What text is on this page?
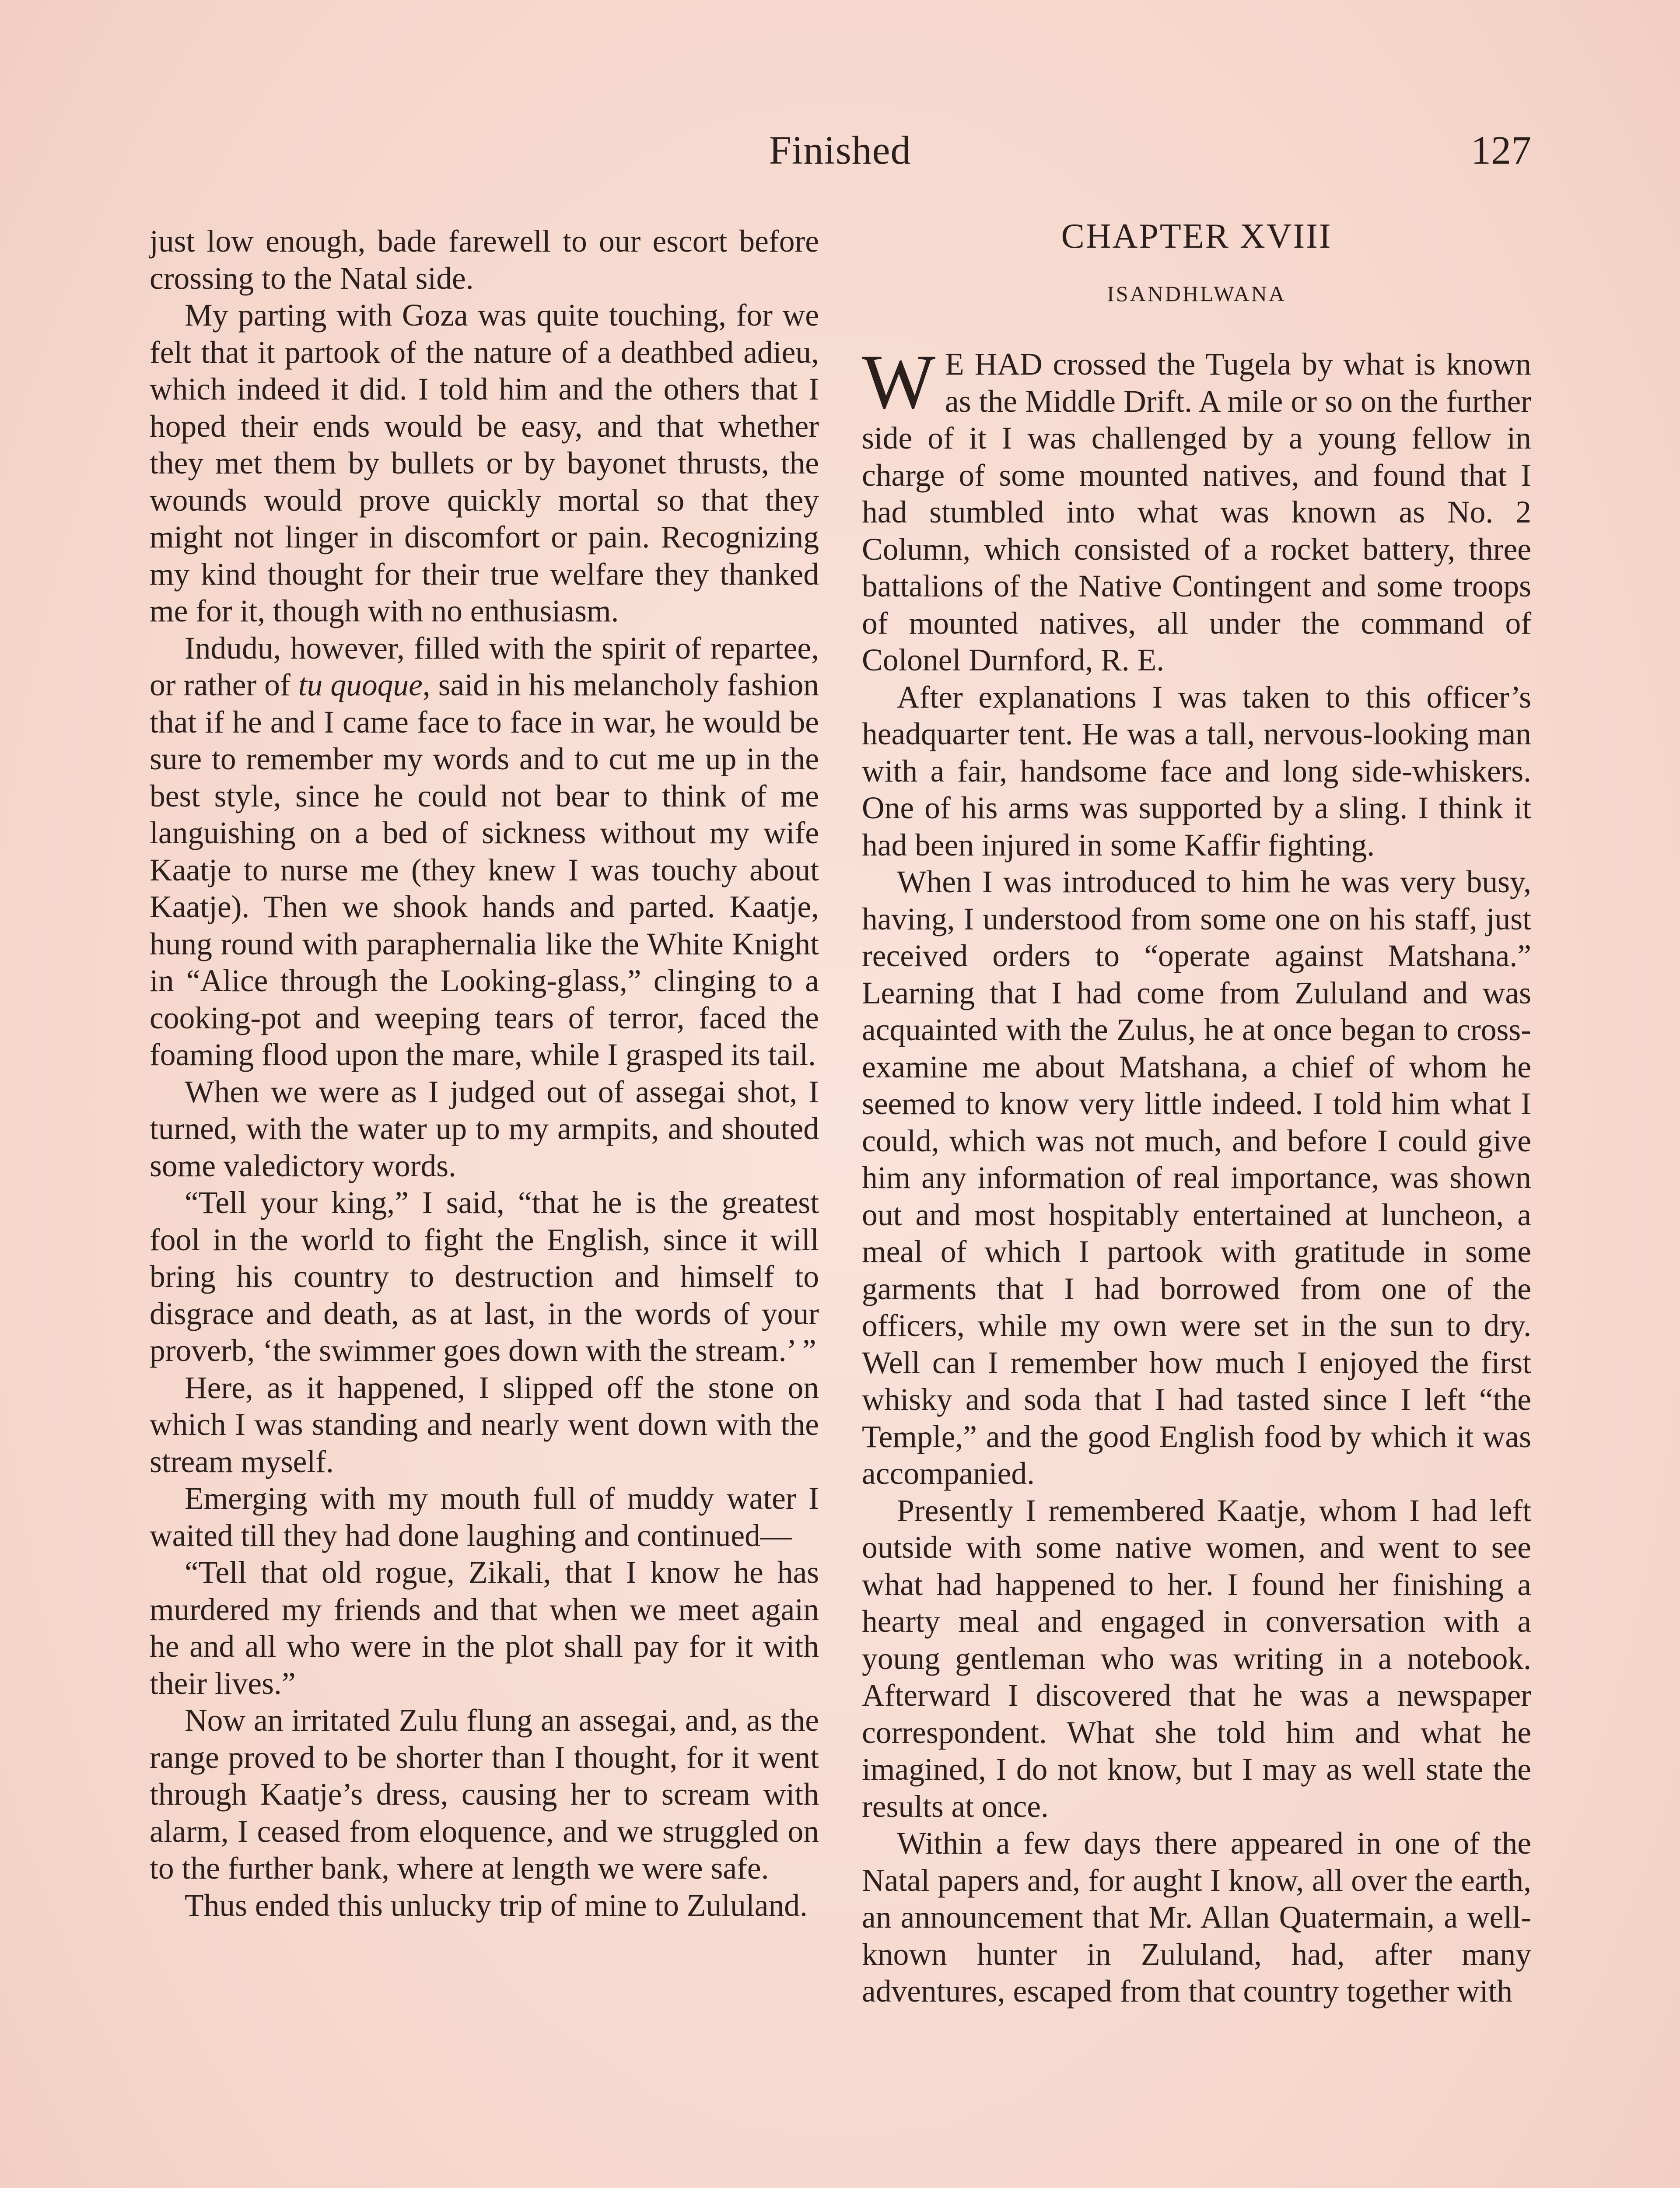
Finished	127

just low enough, bade farewell to our escort before crossing to the Natal side.

My parting with Goza was quite touching, for we felt that it partook of the nature of a deathbed adieu, which indeed it did. I told him and the others that I hoped their ends would be easy, and that whether they met them by bullets or by bayonet thrusts, the wounds would prove quickly mortal so that they might not linger in discomfort or pain. Recognizing my kind thought for their true welfare they thanked me for it, though with no enthusiasm.

Indudu, however, filled with the spirit of repartee, or rather of tu quoque, said in his melancholy fashion that if he and I came face to face in war, he would be sure to remember my words and to cut me up in the best style, since he could not bear to think of me languishing on a bed of sickness without my wife Kaatje to nurse me (they knew I was touchy about Kaatje). Then we shook hands and parted. Kaatje, hung round with paraphernalia like the White Knight in “Alice through the Looking-glass,” clinging to a cooking-pot and weeping tears of terror, faced the foaming flood upon the mare, while I grasped its tail.

When we were as I judged out of assegai shot, I turned, with the water up to my armpits, and shouted some valedictory words.

“Tell your king,” I said, “that he is the greatest fool in the world to fight the English, since it will bring his country to destruction and himself to disgrace and death, as at last, in the words of your proverb, ‘the swimmer goes down with the stream.’ ”

Here, as it happened, I slipped off the stone on which I was standing and nearly went down with the stream myself.

Emerging with my mouth full of muddy water I waited till they had done laughing and continued—

“Tell that old rogue, Zikali, that I know he has murdered my friends and that when we meet again he and all who were in the plot shall pay for it with their lives.”

Now an irritated Zulu flung an assegai, and, as the range proved to be shorter than I thought, for it went through Kaatje’s dress, causing her to scream with alarm, I ceased from eloquence, and we struggled on to the further bank, where at length we were safe.

Thus ended this unlucky trip of mine to Zululand.

CHAPTER XVIII
ISANDHLWANA

W E HAD crossed the Tugela by what is known as the Middle Drift. A mile or so on the further side of it I was challenged by a young fellow in charge of some mounted natives, and found that I had stumbled into what was known as No. 2 Column, which consisted of a rocket battery, three battalions of the Native Contingent and some troops of mounted natives, all under the command of Colonel Durnford, R. E.

After explanations I was taken to this officer’s headquarter tent. He was a tall, nervous-looking man with a fair, handsome face and long side-whiskers. One of his arms was supported by a sling. I think it had been injured in some Kaffir fighting.

When I was introduced to him he was very busy, having, I understood from some one on his staff, just received orders to “operate against Matshana.” Learning that I had come from Zululand and was acquainted with the Zulus, he at once began to cross-examine me about Matshana, a chief of whom he seemed to know very little indeed. I told him what I could, which was not much, and before I could give him any information of real importance, was shown out and most hospitably entertained at luncheon, a meal of which I partook with gratitude in some garments that I had borrowed from one of the officers, while my own were set in the sun to dry. Well can I remember how much I enjoyed the first whisky and soda that I had tasted since I left “the Temple,” and the good English food by which it was accompanied.

Presently I remembered Kaatje, whom I had left outside with some native women, and went to see what had happened to her. I found her finishing a hearty meal and engaged in conversation with a young gentleman who was writing in a notebook. Afterward I discovered that he was a newspaper correspondent. What she told him and what he imagined, I do not know, but I may as well state the results at once.

Within a few days there appeared in one of the Natal papers and, for aught I know, all over the earth, an announcement that Mr. Allan Quatermain, a well-known hunter in Zululand, had, after many adventures, escaped from that country together with
